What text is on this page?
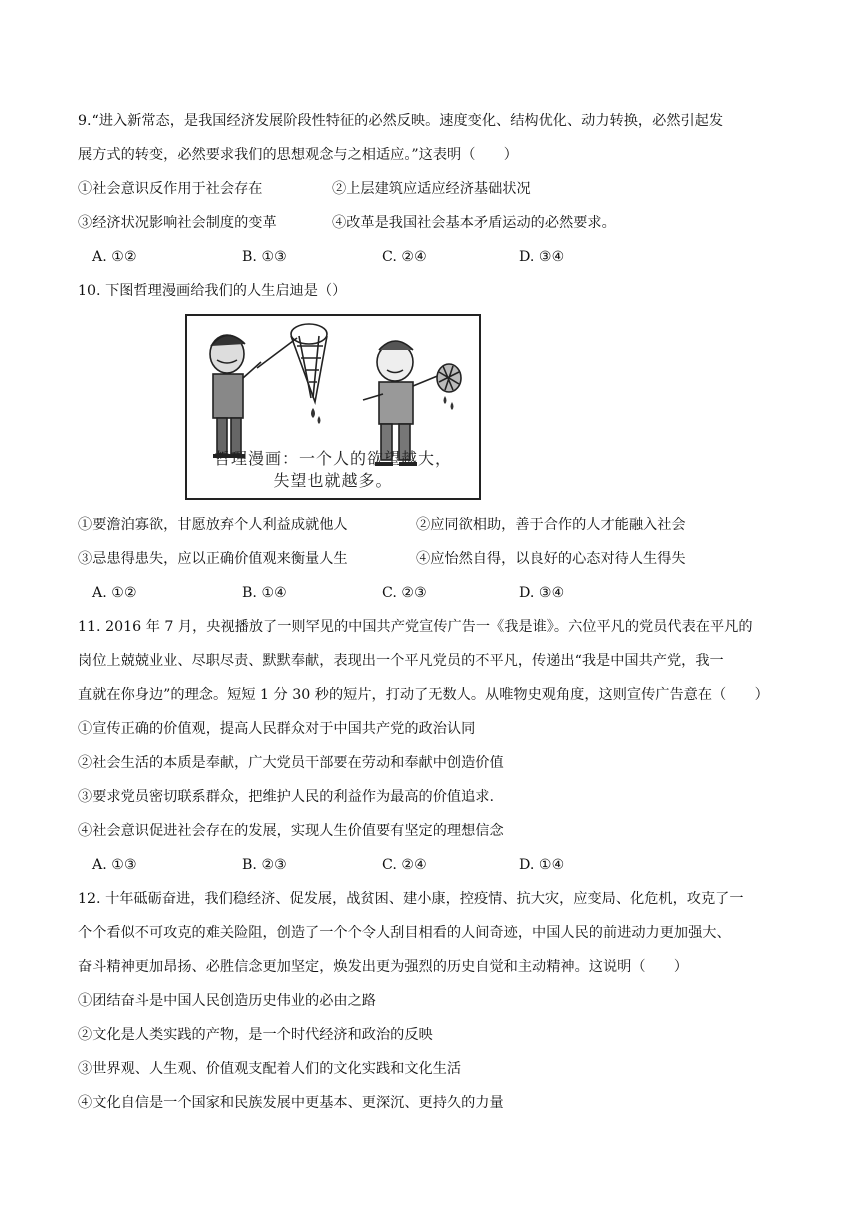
9.“进入新常态，是我国经济发展阶段性特征的必然反映。速度变化、结构优化、动力转换，必然引起发
展方式的转变，必然要求我们的思想观念与之相适应。”这表明（　　）
①社会意识反作用于社会存在	②上层建筑应适应经济基础状况
③经济状况影响社会制度的变革	④改革是我国社会基本矛盾运动的必然要求。
A. ①②	B. ①③	C. ②④	D. ③④
10. 下图哲理漫画给我们的人生启迪是（）
哲理漫画：一个人的欲望越大，
失望也就越多。
①要澹泊寡欲，甘愿放弃个人利益成就他人	②应同欲相助，善于合作的人才能融入社会
③忌患得患失，应以正确价值观来衡量人生	④应怡然自得，以良好的心态对待人生得失
A. ①②	B. ①④	C. ②③	D. ③④
11. 2016 年 7 月，央视播放了一则罕见的中国共产党宣传广告一《我是谁》。六位平凡的党员代表在平凡的
岗位上兢兢业业、尽职尽责、默默奉献，表现出一个平凡党员的不平凡，传递出“我是中国共产党，我一
直就在你身边”的理念。短短 1 分 30 秒的短片，打动了无数人。从唯物史观角度，这则宣传广告意在（　　）
①宣传正确的价值观，提高人民群众对于中国共产党的政治认同
②社会生活的本质是奉献，广大党员干部要在劳动和奉献中创造价值
③要求党员密切联系群众，把维护人民的利益作为最高的价值追求.
④社会意识促进社会存在的发展，实现人生价值要有坚定的理想信念
A. ①③	B. ②③	C. ②④	D. ①④
12. 十年砥砺奋进，我们稳经济、促发展，战贫困、建小康，控疫情、抗大灾，应变局、化危机，攻克了一
个个看似不可攻克的难关险阻，创造了一个个令人刮目相看的人间奇迹，中国人民的前进动力更加强大、
奋斗精神更加昂扬、必胜信念更加坚定，焕发出更为强烈的历史自觉和主动精神。这说明（　　）
①团结奋斗是中国人民创造历史伟业的必由之路
②文化是人类实践的产物，是一个时代经济和政治的反映
③世界观、人生观、价值观支配着人们的文化实践和文化生活
④文化自信是一个国家和民族发展中更基本、更深沉、更持久的力量
